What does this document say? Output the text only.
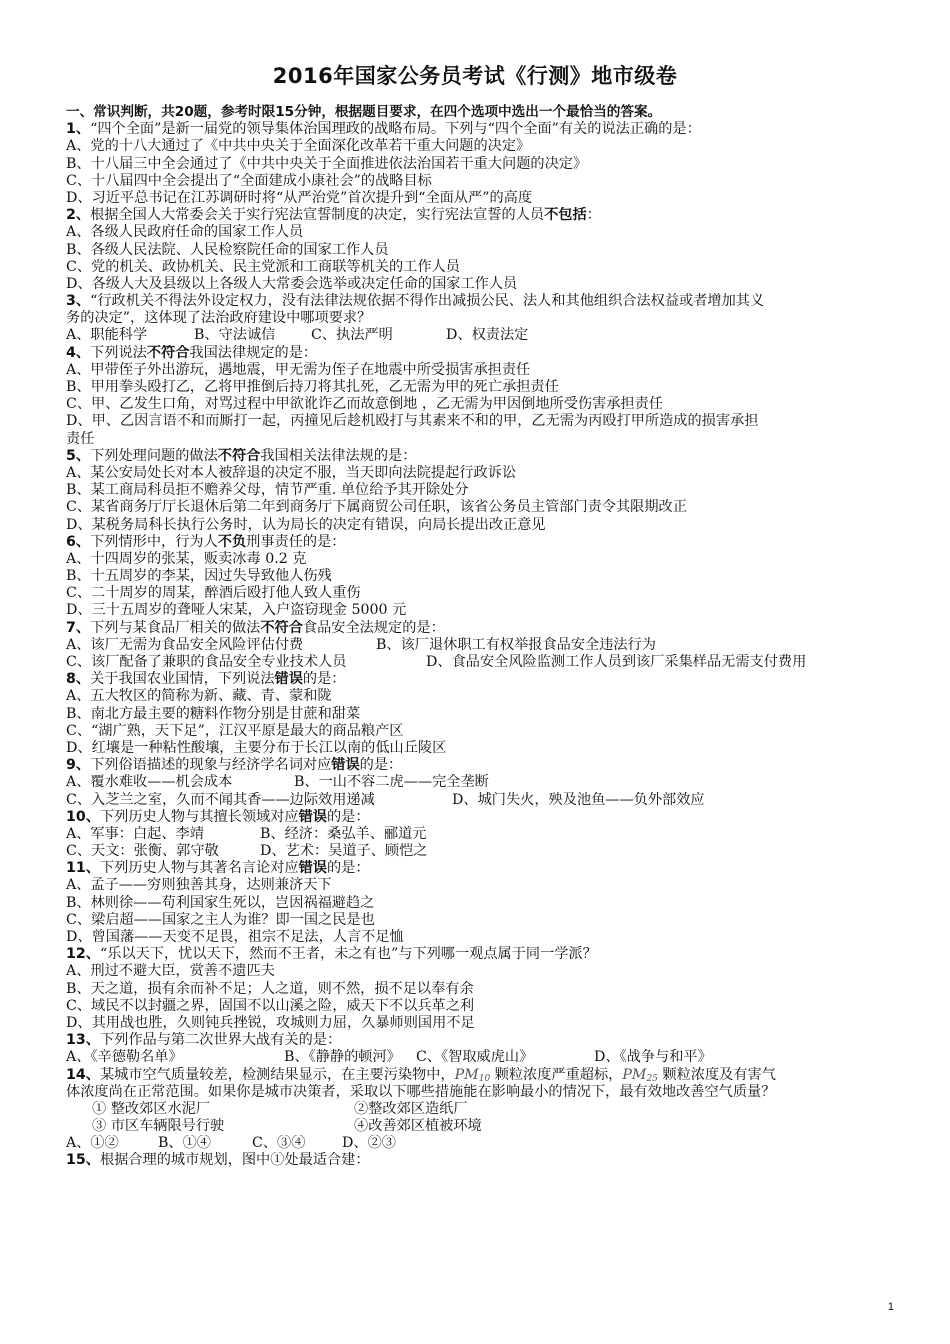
2016年国家公务员考试《行测》地市级卷
一、常识判断，共20题，参考时限15分钟，根据题目要求，在四个选项中选出一个最恰当的答案。
1、“四个全面”是新一届党的领导集体治国理政的战略布局。下列与“四个全面”有关的说法正确的是：
A、党的十八大通过了《中共中央关于全面深化改革若干重大问题的决定》
B、十八届三中全会通过了《中共中央关于全面推进依法治国若干重大问题的决定》
C、十八届四中全会提出了“全面建成小康社会”的战略目标
D、习近平总书记在江苏调研时将“从严治党”首次提升到“全面从严”的高度
2、根据全国人大常委会关于实行宪法宣誓制度的决定，实行宪法宣誓的人员不包括：
A、各级人民政府任命的国家工作人员
B、各级人民法院、人民检察院任命的国家工作人员
C、党的机关、政协机关、民主党派和工商联等机关的工作人员
D、各级人大及县级以上各级人大常委会选举或决定任命的国家工作人员
3、“行政机关不得法外设定权力，没有法律法规依据不得作出减损公民、法人和其他组织合法权益或者增加其义
务的决定”，这体现了法治政府建设中哪项要求？
A、职能科学	B、守法诚信	C、执法严明	D、权责法定
4、下列说法不符合我国法律规定的是：
A、甲带侄子外出游玩，遇地震，甲无需为侄子在地震中所受损害承担责任
B、甲用拳头殴打乙，乙将甲推倒后持刀将其扎死，乙无需为甲的死亡承担责任
C、甲、乙发生口角，对骂过程中甲欲讹诈乙而故意倒地 ，乙无需为甲因倒地所受伤害承担责任
D、甲、乙因言语不和而厮打一起，丙撞见后趁机殴打与其素来不和的甲，乙无需为丙殴打甲所造成的损害承担
责任
5、下列处理问题的做法不符合我国相关法律法规的是：
A、某公安局处长对本人被辞退的决定不服，当天即向法院提起行政诉讼
B、某工商局科员拒不赡养父母，情节严重. 单位给予其开除处分
C、某省商务厅厅长退休后第二年到商务厅下属商贸公司任职，该省公务员主管部门责令其限期改正
D、某税务局科长执行公务时，认为局长的决定有错误，向局长提出改正意见
6、下列情形中，行为人不负刑事责任的是：
A、十四周岁的张某，贩卖冰毒 0.2 克
B、十五周岁的李某，因过失导致他人伤残
C、二十周岁的周某，醉酒后殴打他人致人重伤
D、三十五周岁的聋哑人宋某，入户盗窃现金 5000 元
7、下列与某食品厂相关的做法不符合食品安全法规定的是：
A、该厂无需为食品安全风险评估付费	B、该厂退休职工有权举报食品安全违法行为
C、该厂配备了兼职的食品安全专业技术人员	D、食品安全风险监测工作人员到该厂采集样品无需支付费用
8、关于我国农业国情，下列说法错误的是：
A、五大牧区的简称为新、藏、青、蒙和陇
B、南北方最主要的糖料作物分别是甘蔗和甜菜
C、“湖广熟，天下足”，江汉平原是最大的商品粮产区
D、红壤是一种粘性酸壤，主要分布于长江以南的低山丘陵区
9、下列俗语描述的现象与经济学名词对应错误的是：
A、覆水难收——机会成本	B、一山不容二虎——完全垄断
C、入芝兰之室，久而不闻其香——边际效用递减	D、城门失火，殃及池鱼——负外部效应
10、下列历史人物与其擅长领域对应错误的是：
A、军事：白起、李靖	B、经济：桑弘羊、郦道元
C、天文：张衡、郭守敬	D、艺术：吴道子、顾恺之
11、下列历史人物与其著名言论对应错误的是：
A、孟子——穷则独善其身，达则兼济天下
B、林则徐——苟利国家生死以，岂因祸福避趋之
C、梁启超——国家之主人为谁？即一国之民是也
D、曾国藩——天变不足畏，祖宗不足法，人言不足恤
12、“乐以天下，忧以天下，然而不王者，未之有也”与下列哪一观点属于同一学派？
A、刑过不避大臣，赏善不遗匹夫
B、天之道，损有余而补不足；人之道，则不然，损不足以奉有余
C、域民不以封疆之界，固国不以山溪之险，威天下不以兵革之利
D、其用战也胜，久则钝兵挫锐，攻城则力屈，久暴师则国用不足
13、下列作品与第二次世界大战有关的是：
A、《辛德勒名单》	B、《静静的顿河》 C、《智取威虎山》	D、《战争与和平》
14、某城市空气质量较差，检测结果显示，在主要污染物中，$PM_{10}$ 颗粒浓度严重超标，$PM_{25}$ 颗粒浓度及有害气
体浓度尚在正常范围。如果你是城市决策者，采取以下哪些措施能在影响最小的情况下，最有效地改善空气质量？
① 整改郊区水泥厂	②整改郊区造纸厂
③ 市区车辆限号行驶	④改善郊区植被环境
A、①②	B、①④	C、③④	D、②③
15、根据合理的城市规划，图中①处最适合建：
1
